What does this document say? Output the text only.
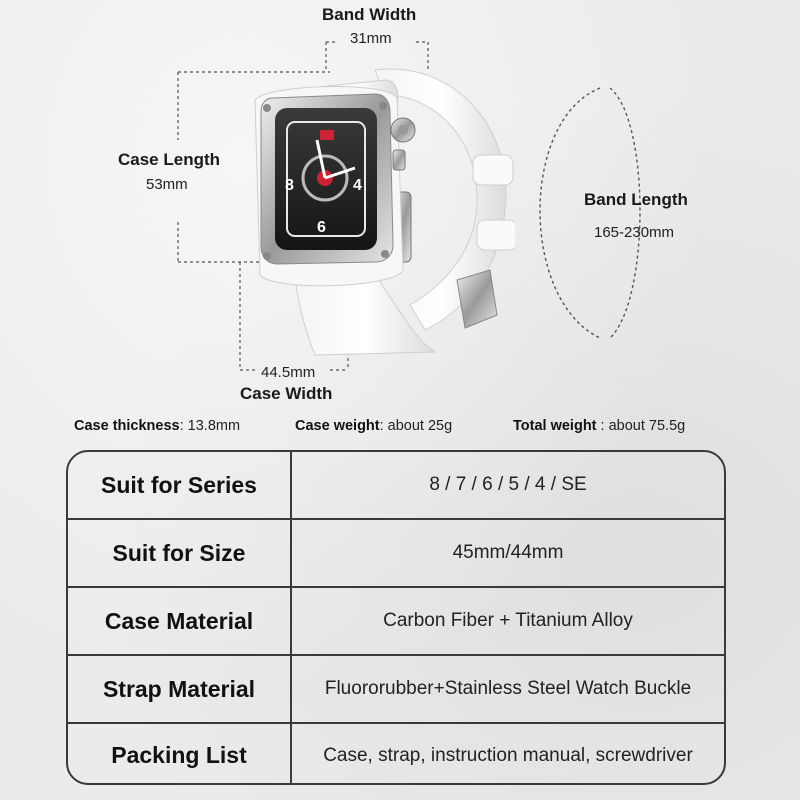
Band Width
31mm
Case Length
53mm
Band Length
165-230mm
44.5mm
Case Width
8	4
6
Case thickness: 13.8mm	Case weight: about 25g	Total weight : about 75.5g
Suit for Series	8 / 7 / 6 / 5 / 4 / SE
Suit for Size	45mm/44mm
Case Material	Carbon Fiber + Titanium Alloy
Strap Material	Fluororubber+Stainless Steel Watch Buckle
Packing List	Case, strap, instruction manual, screwdriver
